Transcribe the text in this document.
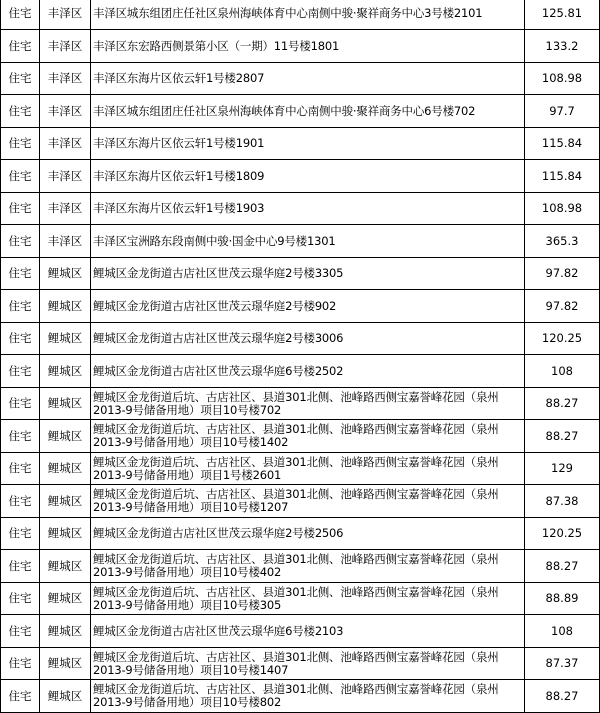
住宅	丰泽区	丰泽区城东组团庄任社区泉州海峡体育中心南侧中骏·聚祥商务中心3号楼2101	125.81
住宅	丰泽区	丰泽区东宏路西侧景第小区（一期）11号楼1801	133.2
住宅	丰泽区	丰泽区东海片区依云轩1号楼2807	108.98
住宅	丰泽区	丰泽区城东组团庄任社区泉州海峡体育中心南侧中骏·聚祥商务中心6号楼702	97.7
住宅	丰泽区	丰泽区东海片区依云轩1号楼1901	115.84
住宅	丰泽区	丰泽区东海片区依云轩1号楼1809	115.84
住宅	丰泽区	丰泽区东海片区依云轩1号楼1903	108.98
住宅	丰泽区	丰泽区宝洲路东段南侧中骏·国金中心9号楼1301	365.3
住宅	鲤城区	鲤城区金龙街道古店社区世茂云璟华庭2号楼3305	97.82
住宅	鲤城区	鲤城区金龙街道古店社区世茂云璟华庭2号楼902	97.82
住宅	鲤城区	鲤城区金龙街道古店社区世茂云璟华庭2号楼3006	120.25
住宅	鲤城区	鲤城区金龙街道古店社区世茂云璟华庭6号楼2502	108
住宅	鲤城区	鲤城区金龙街道后坑、古店社区、县道301北侧、池峰路西侧宝嘉誉峰花园（泉州2013-9号储备用地）项目10号楼702	88.27
住宅	鲤城区	鲤城区金龙街道后坑、古店社区、县道301北侧、池峰路西侧宝嘉誉峰花园（泉州2013-9号储备用地）项目10号楼1402	88.27
住宅	鲤城区	鲤城区金龙街道后坑、古店社区、县道301北侧、池峰路西侧宝嘉誉峰花园（泉州2013-9号储备用地）项目1号楼2601	129
住宅	鲤城区	鲤城区金龙街道后坑、古店社区、县道301北侧、池峰路西侧宝嘉誉峰花园（泉州2013-9号储备用地）项目10号楼1207	87.38
住宅	鲤城区	鲤城区金龙街道古店社区世茂云璟华庭2号楼2506	120.25
住宅	鲤城区	鲤城区金龙街道后坑、古店社区、县道301北侧、池峰路西侧宝嘉誉峰花园（泉州2013-9号储备用地）项目10号楼402	88.27
住宅	鲤城区	鲤城区金龙街道后坑、古店社区、县道301北侧、池峰路西侧宝嘉誉峰花园（泉州2013-9号储备用地）项目10号楼305	88.89
住宅	鲤城区	鲤城区金龙街道古店社区世茂云璟华庭6号楼2103	108
住宅	鲤城区	鲤城区金龙街道后坑、古店社区、县道301北侧、池峰路西侧宝嘉誉峰花园（泉州2013-9号储备用地）项目10号楼1407	87.37
住宅	鲤城区	鲤城区金龙街道后坑、古店社区、县道301北侧、池峰路西侧宝嘉誉峰花园（泉州2013-9号储备用地）项目10号楼802	88.27
